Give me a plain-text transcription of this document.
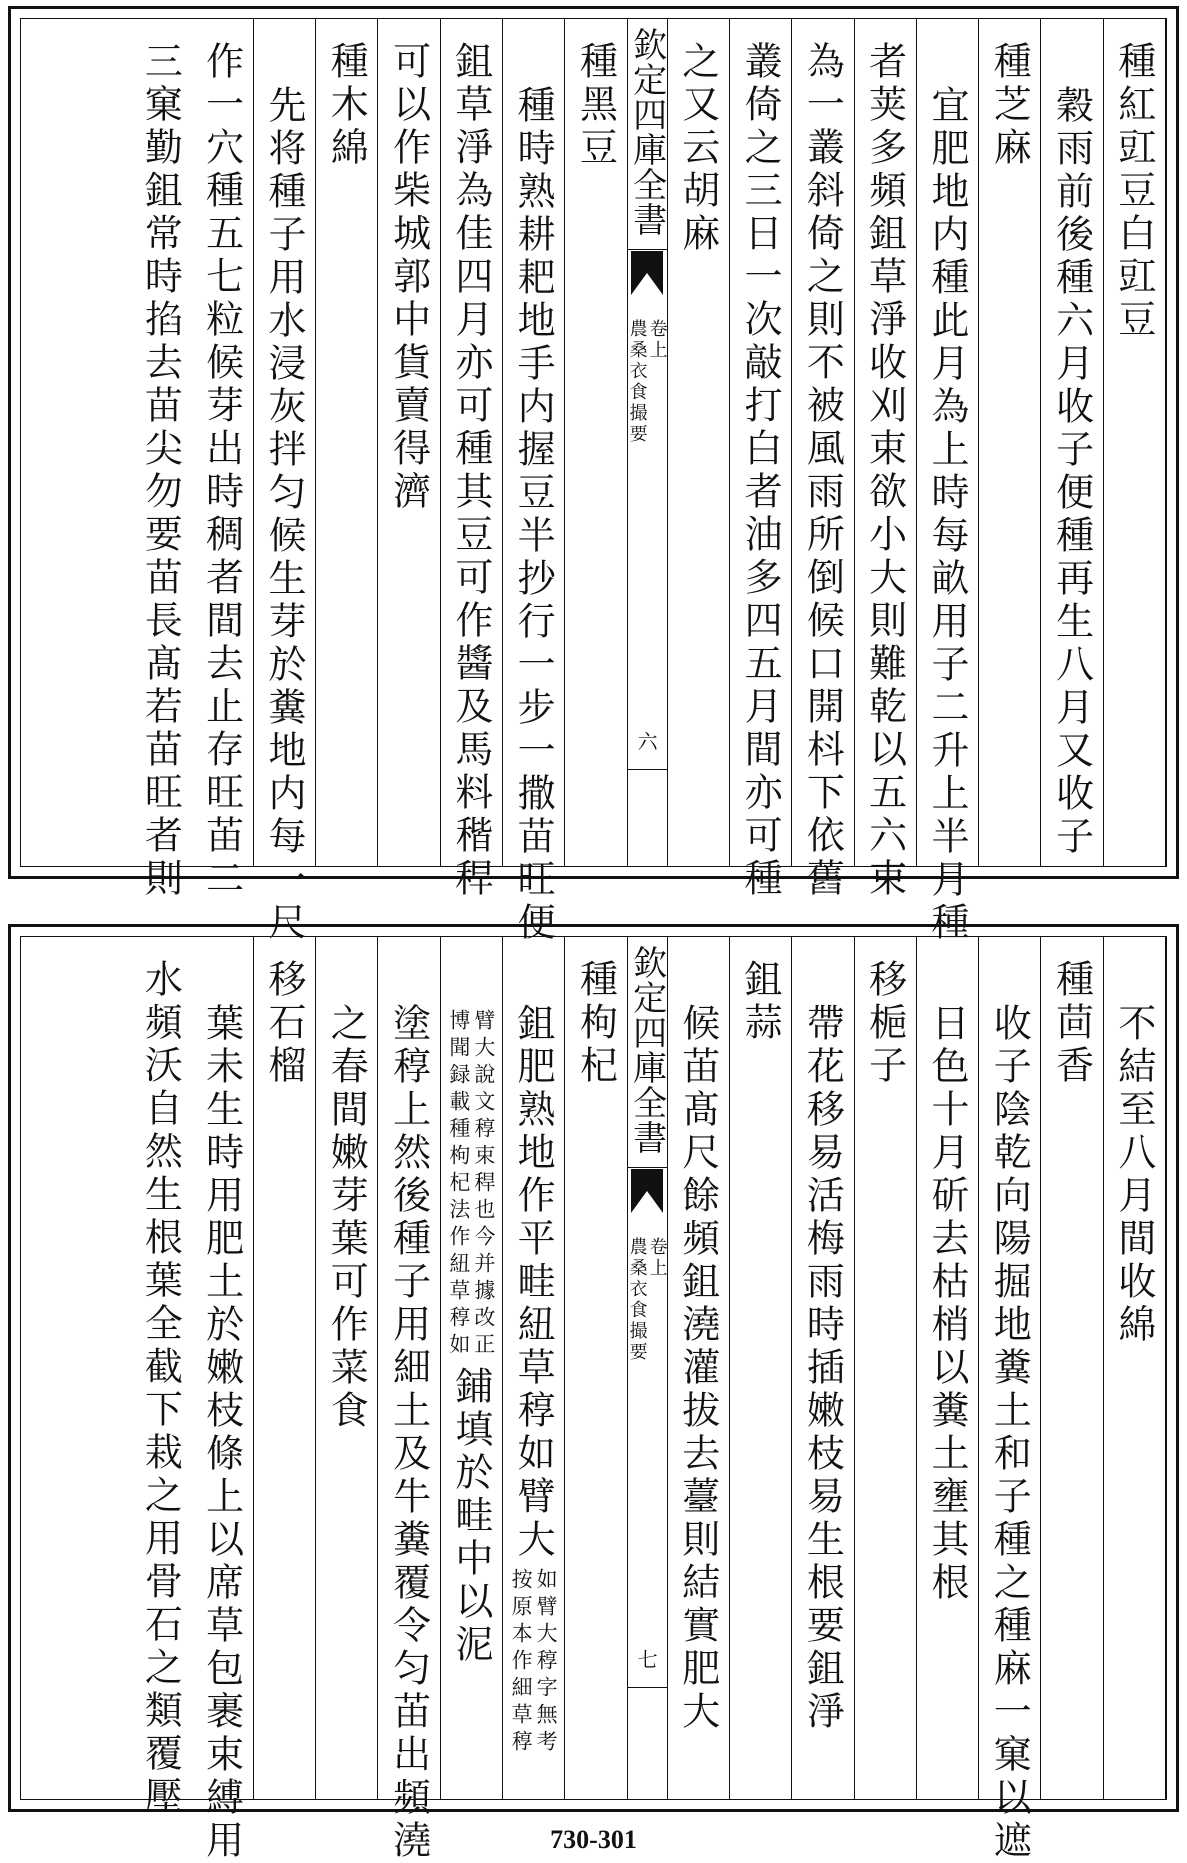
種紅豇豆白豇豆
穀雨前後種六月收子便種再生八月又收子
種芝麻
宜肥地内種此月為上時每畝用子二升上半月種
者荚多頻鉏草淨收刈束欲小大則難乾以五六束
為一叢斜倚之則不被風雨所倒候口開枓下依舊
叢倚之三日一次敲打白者油多四五月間亦可種
之又云胡麻
欽定四庫全書
農桑衣食撮要 卷上
六
種黑豆
種時熟耕耙地手内握豆半抄行一步一撒苗旺便
鉏草淨為佳四月亦可種其豆可作醬及馬料稭稈
可以作柴城郭中貨賣得濟
種木綿
先将種子用水浸灰拌匀候生芽於糞地内每一尺
作一穴種五七粒候芽出時稠者間去止存旺苖二
三窠勤鉏常時掐去苗尖勿要苗長髙若苗旺者則
不結至八月間收綿
種茴香
收子陰乾向陽掘地糞土和子種之種麻一窠以遮
日色十月斫去枯梢以糞土壅其根
移梔子
帶花移易活梅雨時插嫩枝易生根要鉏淨
鉏蒜
候苖髙尺餘頻鉏澆灌拔去薹則結實肥大
欽定四庫全書
農桑衣食撮要 卷上
七
種枸杞
鉏肥熟地作平畦紐草稕如臂大
按原本作細草稕 如臂大稕字無考
博聞録載種枸杞法作紐草稕如 臂大說文稕束稈也今并據改正
鋪填於畦中以泥
塗稕上然後種子用細土及牛糞覆令匀苖出頻澆
之春間嫩芽葉可作菜食
移石榴
葉未生時用肥土於嫩枝條上以席草包裹束縛用
水頻沃自然生根葉全截下栽之用骨石之類覆壓
730-301
